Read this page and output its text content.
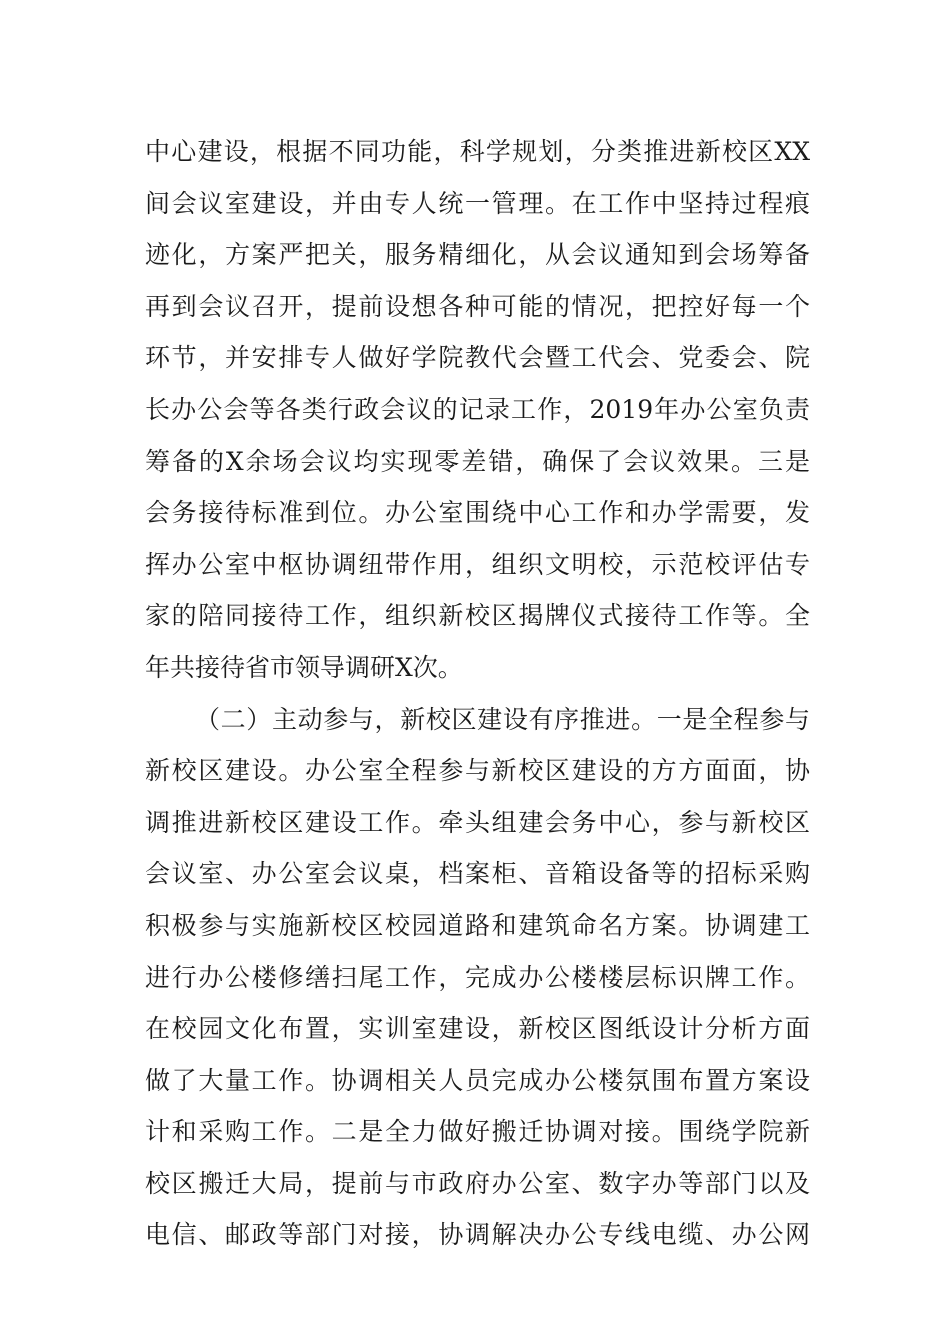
中心建设，根据不同功能，科学规划，分类推进新校区XX
间会议室建设，并由专人统一管理。在工作中坚持过程痕
迹化，方案严把关，服务精细化，从会议通知到会场筹备
再到会议召开，提前设想各种可能的情况，把控好每一个
环节，并安排专人做好学院教代会暨工代会、党委会、院
长办公会等各类行政会议的记录工作，2019年办公室负责
筹备的X余场会议均实现零差错，确保了会议效果。三是
会务接待标准到位。办公室围绕中心工作和办学需要，发
挥办公室中枢协调纽带作用，组织文明校，示范校评估专
家的陪同接待工作，组织新校区揭牌仪式接待工作等。全
年共接待省市领导调研X次。
（二）主动参与，新校区建设有序推进。一是全程参与
新校区建设。办公室全程参与新校区建设的方方面面，协
调推进新校区建设工作。牵头组建会务中心，参与新校区
会议室、办公室会议桌，档案柜、音箱设备等的招标采购
积极参与实施新校区校园道路和建筑命名方案。协调建工
进行办公楼修缮扫尾工作，完成办公楼楼层标识牌工作。
在校园文化布置，实训室建设，新校区图纸设计分析方面
做了大量工作。协调相关人员完成办公楼氛围布置方案设
计和采购工作。二是全力做好搬迁协调对接。围绕学院新
校区搬迁大局，提前与市政府办公室、数字办等部门以及
电信、邮政等部门对接，协调解决办公专线电缆、办公网
